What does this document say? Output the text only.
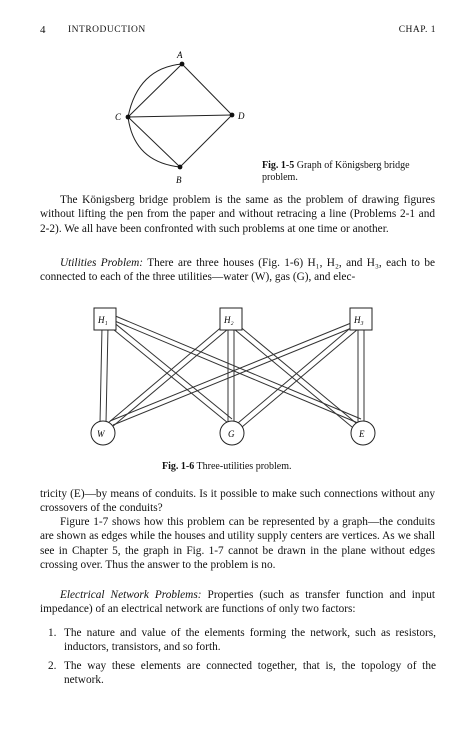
4 INTRODUCTION	CHAP. 1
A
B
C	D
Fig. 1-5 Graph of Königsberg bridge problem.
The Königsberg bridge problem is the same as the problem of drawing figures without lifting the pen from the paper and without retracing a line (Problems 2-1 and 2-2). We all have been confronted with such problems at one time or another.
Utilities Problem: There are three houses (Fig. 1-6) H₁, H₂, and H₃, each to be connected to each of the three utilities—water (W), gas (G), and elec-
H₁	H₂	H₃
W	G	E
Fig. 1-6 Three-utilities problem.
tricity (E)—by means of conduits. Is it possible to make such connections without any crossovers of the conduits?
Figure 1-7 shows how this problem can be represented by a graph—the conduits are shown as edges while the houses and utility supply centers are vertices. As we shall see in Chapter 5, the graph in Fig. 1-7 cannot be drawn in the plane without edges crossing over. Thus the answer to the problem is no.
Electrical Network Problems: Properties (such as transfer function and input impedance) of an electrical network are functions of only two factors:
1. The nature and value of the elements forming the network, such as resistors, inductors, transistors, and so forth.
2. The way these elements are connected together, that is, the topology of the network.
